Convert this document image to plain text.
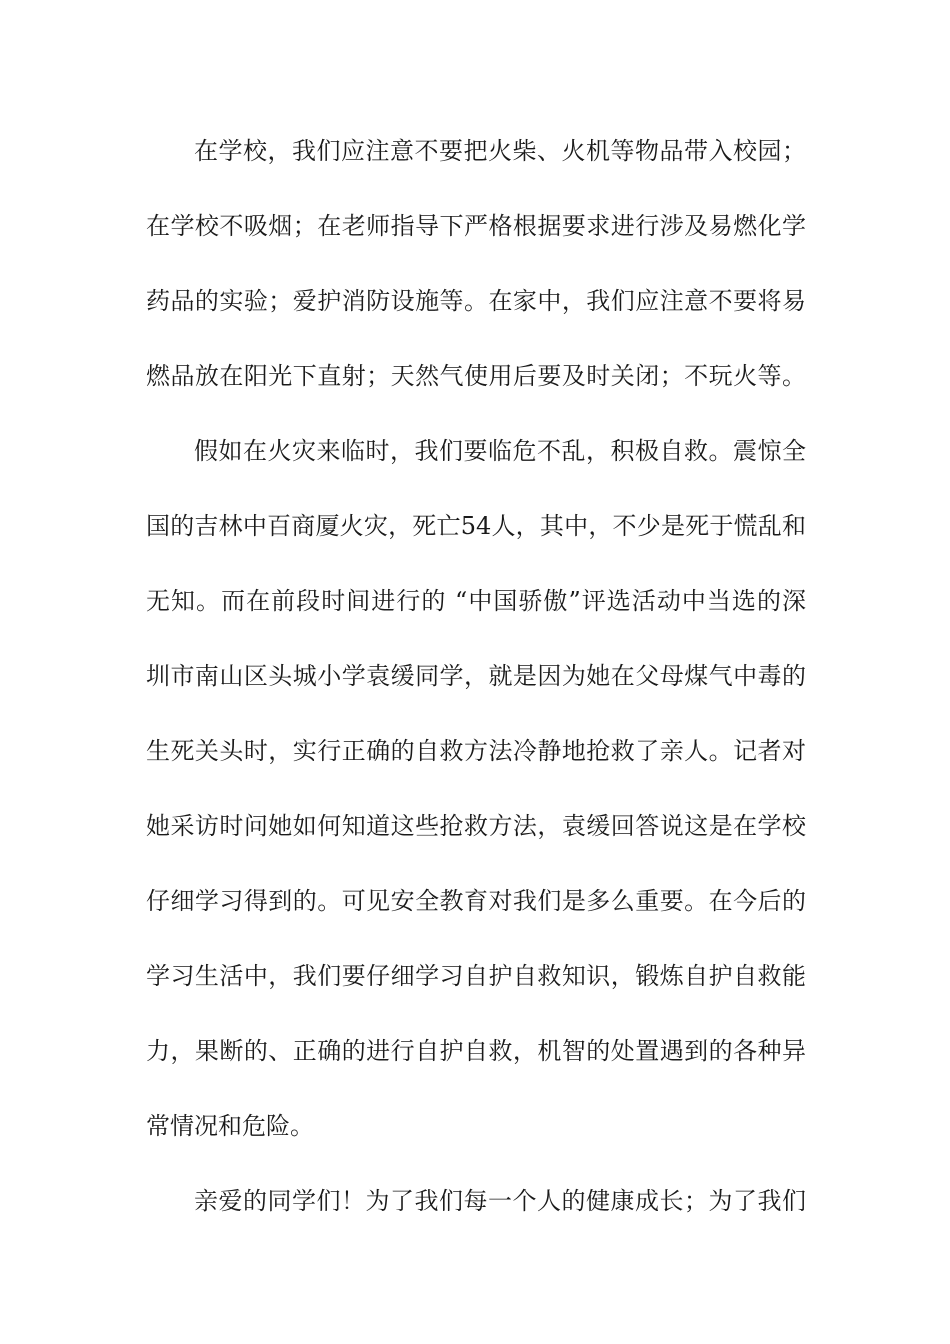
在学校，我们应注意不要把火柴、火机等物品带入校园；
在学校不吸烟；在老师指导下严格根据要求进行涉及易燃化学
药品的实验；爱护消防设施等。在家中，我们应注意不要将易
燃品放在阳光下直射；天然气使用后要及时关闭；不玩火等。
假如在火灾来临时，我们要临危不乱，积极自救。震惊全
国的吉林中百商厦火灾，死亡54人，其中，不少是死于慌乱和
无知。而在前段时间进行的 “中国骄傲”评选活动中当选的深
圳市南山区头城小学袁缓同学，就是因为她在父母煤气中毒的
生死关头时，实行正确的自救方法冷静地抢救了亲人。记者对
她采访时问她如何知道这些抢救方法，袁缓回答说这是在学校
仔细学习得到的。可见安全教育对我们是多么重要。在今后的
学习生活中，我们要仔细学习自护自救知识，锻炼自护自救能
力，果断的、正确的进行自护自救，机智的处置遇到的各种异
常情况和危险。
亲爱的同学们！为了我们每一个人的健康成长；为了我们
